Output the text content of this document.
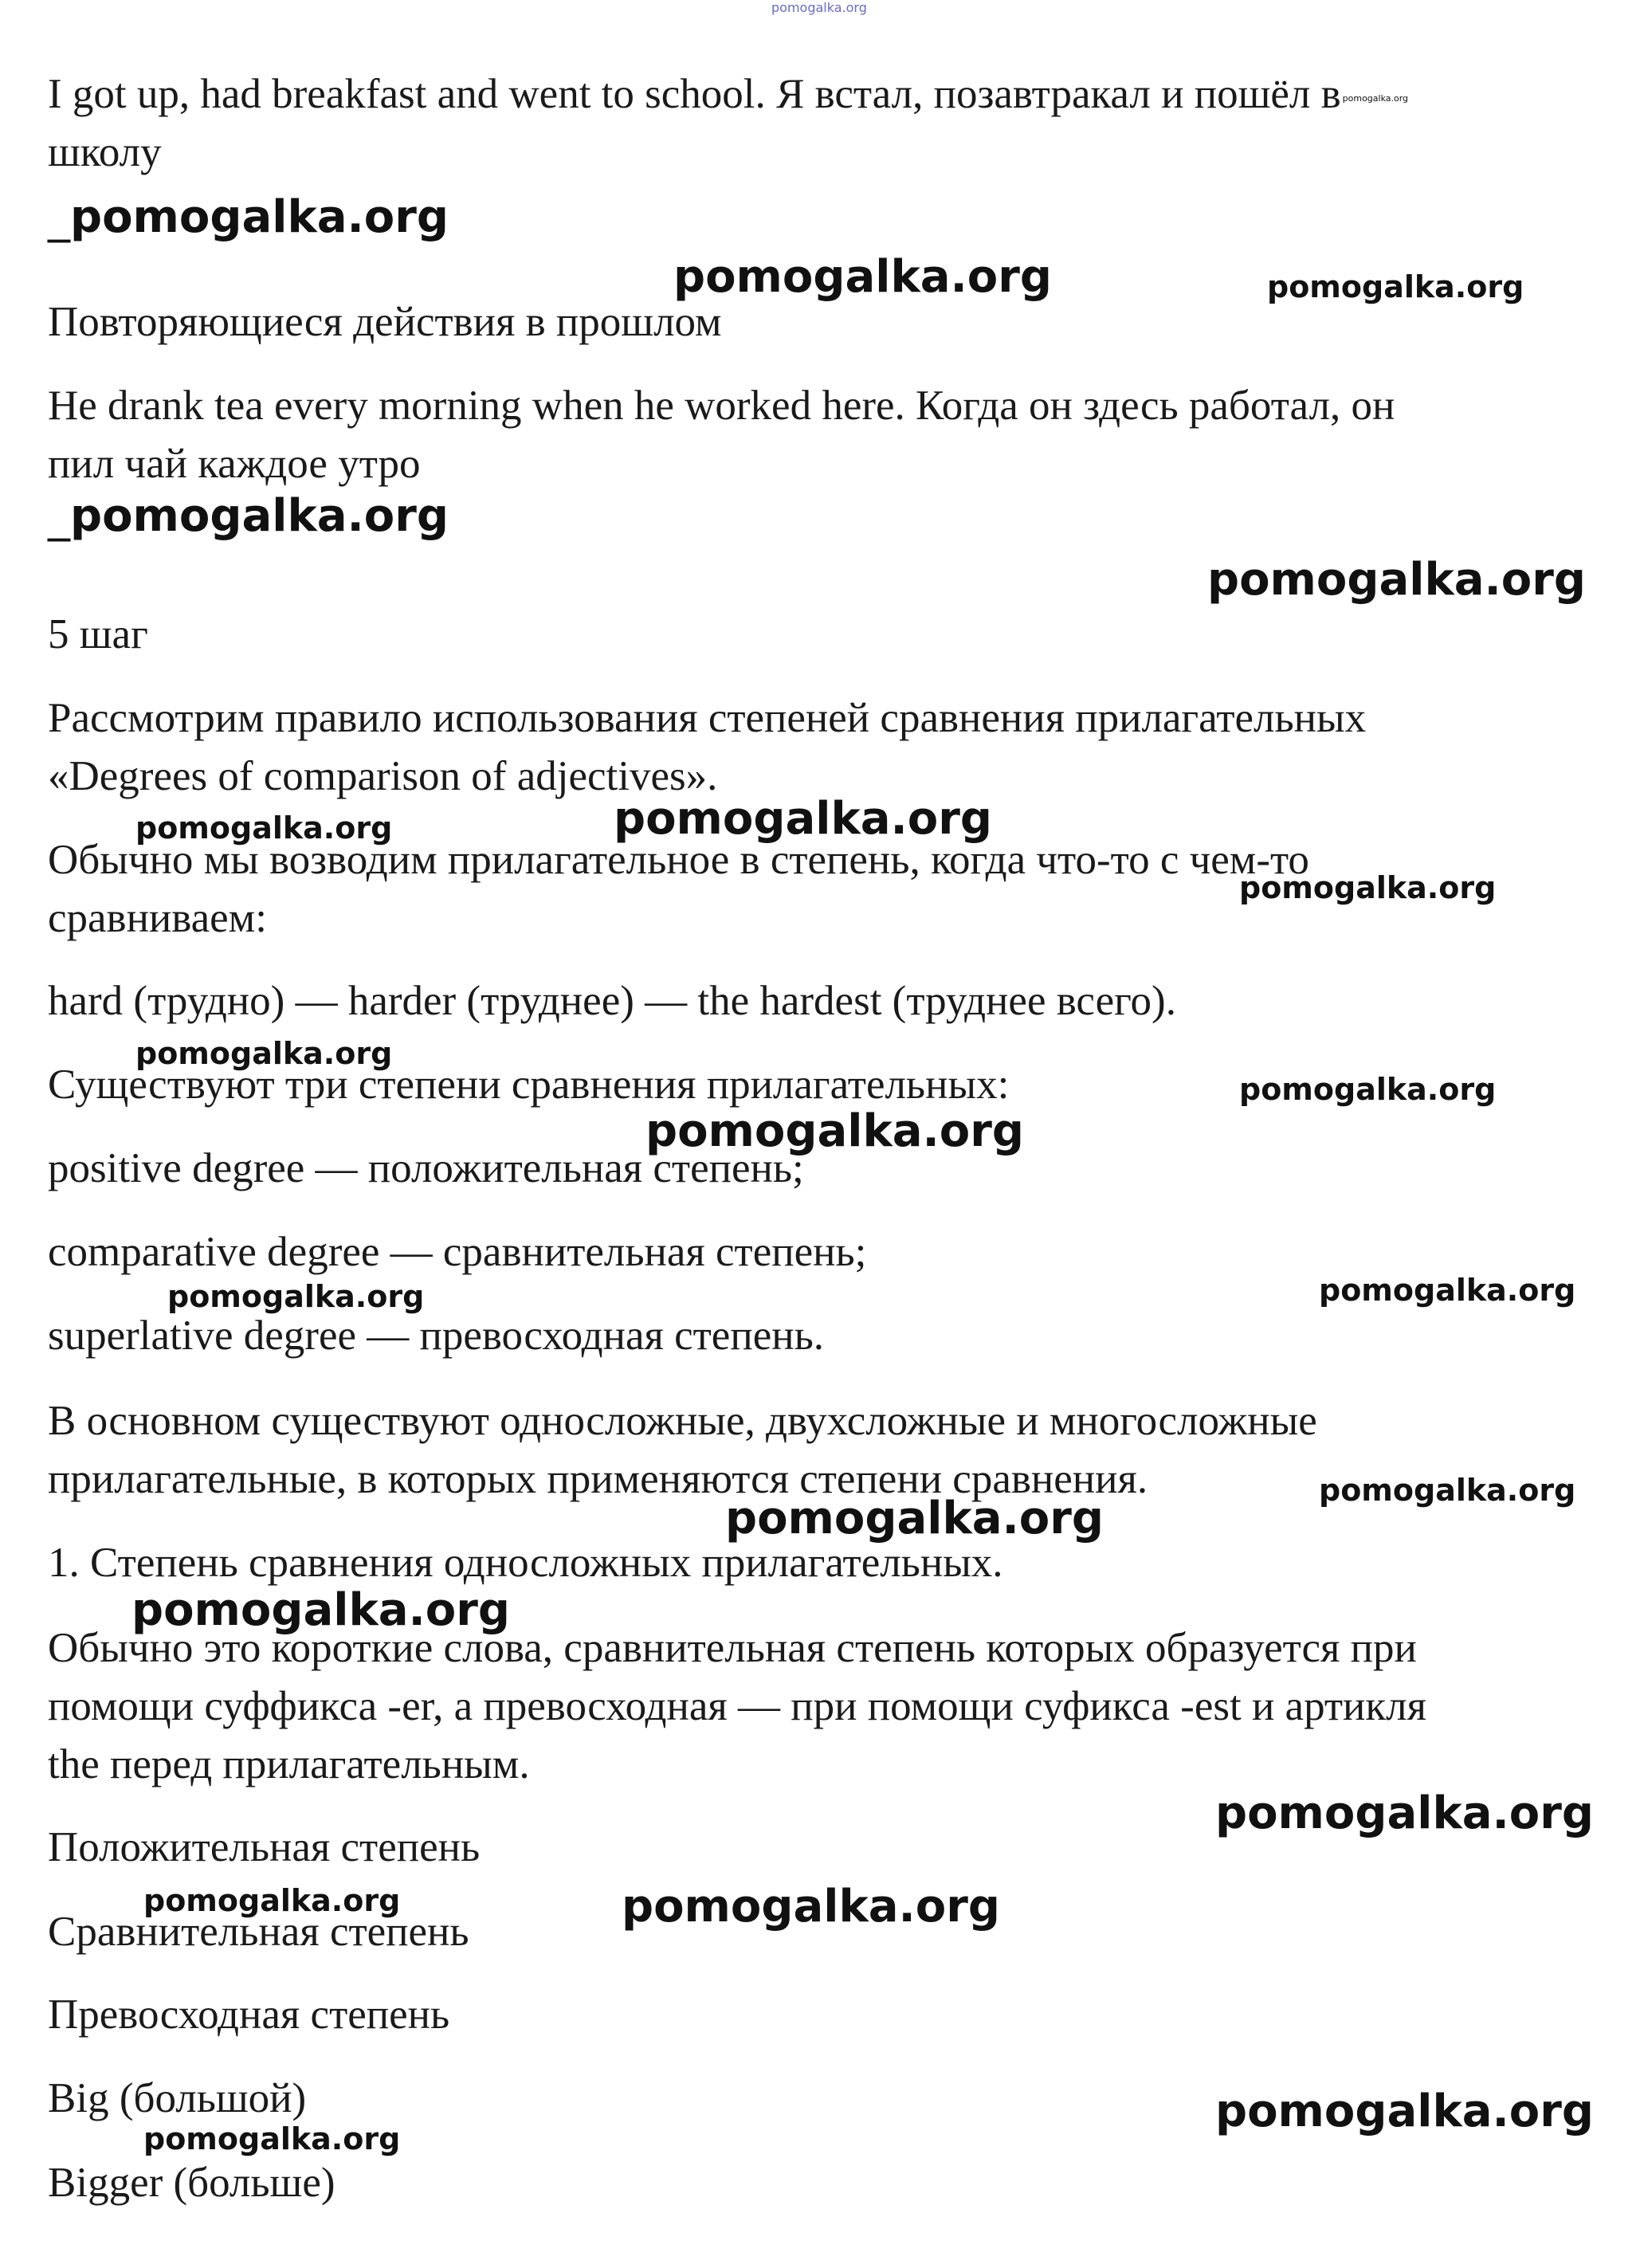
pomogalka.org
I got up, had breakfast and went to school. Я встал, позавтракал и пошёл в pomogalka.org
школу
_pomogalka.org
pomogalka.org	pomogalka.org
Повторяющиеся действия в прошлом
He drank tea every morning when he worked here. Когда он здесь работал, он
пил чай каждое утро
_pomogalka.org
pomogalka.org
5 шаг
Рассмотрим правило использования степеней сравнения прилагательных
«Degrees of comparison of adjectives».
pomogalka.org	pomogalka.org
Обычно мы возводим прилагательное в степень, когда что-то с чем-то
pomogalka.org
сравниваем:
hard (трудно) — harder (труднее) — the hardest (труднее всего).
pomogalka.org
Существуют три степени сравнения прилагательных:	pomogalka.org
pomogalka.org
positive degree — положительная степень;
comparative degree — сравнительная степень;
pomogalka.org	pomogalka.org
superlative degree — превосходная степень.
В основном существуют односложные, двухсложные и многосложные
прилагательные, в которых применяются степени сравнения.	pomogalka.org
pomogalka.org
1. Степень сравнения односложных прилагательных.
pomogalka.org
Обычно это короткие слова, сравнительная степень которых образуется при
помощи суффикса -er, а превосходная — при помощи суфикса -est и артикля
the перед прилагательным.
pomogalka.org
Положительная степень
pomogalka.org	pomogalka.org
Сравнительная степень
Превосходная степень
Big (большой)	pomogalka.org
pomogalka.org
Bigger (больше)
